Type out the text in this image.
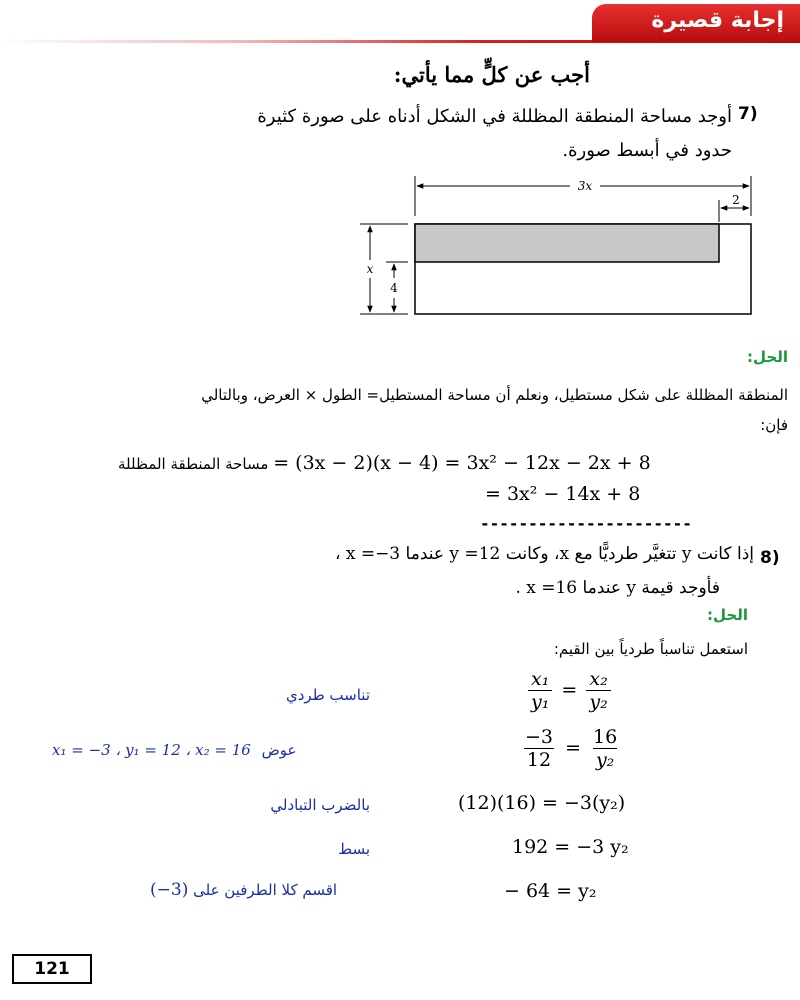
إجابة قصيرة
أجب عن كلٍّ مما يأتي:
7)
أوجد مساحة المنطقة المظللة في الشكل أدناه على صورة كثيرة
حدود في أبسط صورة.
3x
2
x
4
الحل:
المنطقة المظللة على شكل مستطيل، ونعلم أن مساحة المستطيل= الطول × العرض، وبالتالي
فإن:
مساحة المنطقة المظللة = (3x − 2)(x − 4) = 3x² − 12x − 2x + 8
= 3x² − 14x + 8
----------------------
8)
إذا كانت y تتغيَّر طرديًّا مع x، وكانت 12= y عندما x =−3 ،
فأوجد قيمة y عندما x =16 .
الحل:
استعمل تناسباً طردياً بين القيم:
$\frac{\text{x₁}}{\text{y₁}} = \frac{\text{x₂}}{\text{y₂}}$
تناسب طردي
$\frac{-3}{12} = \frac{16}{\text{y₂}}$
x₁ = −3 ، y₁ = 12 ، x₂ = 16 عوض
(12)(16) = −3(y₂)
بالضرب التبادلي
192 = −3 y₂
بسط
− 64 = y₂
(−3) اقسم كلا الطرفين على
121
